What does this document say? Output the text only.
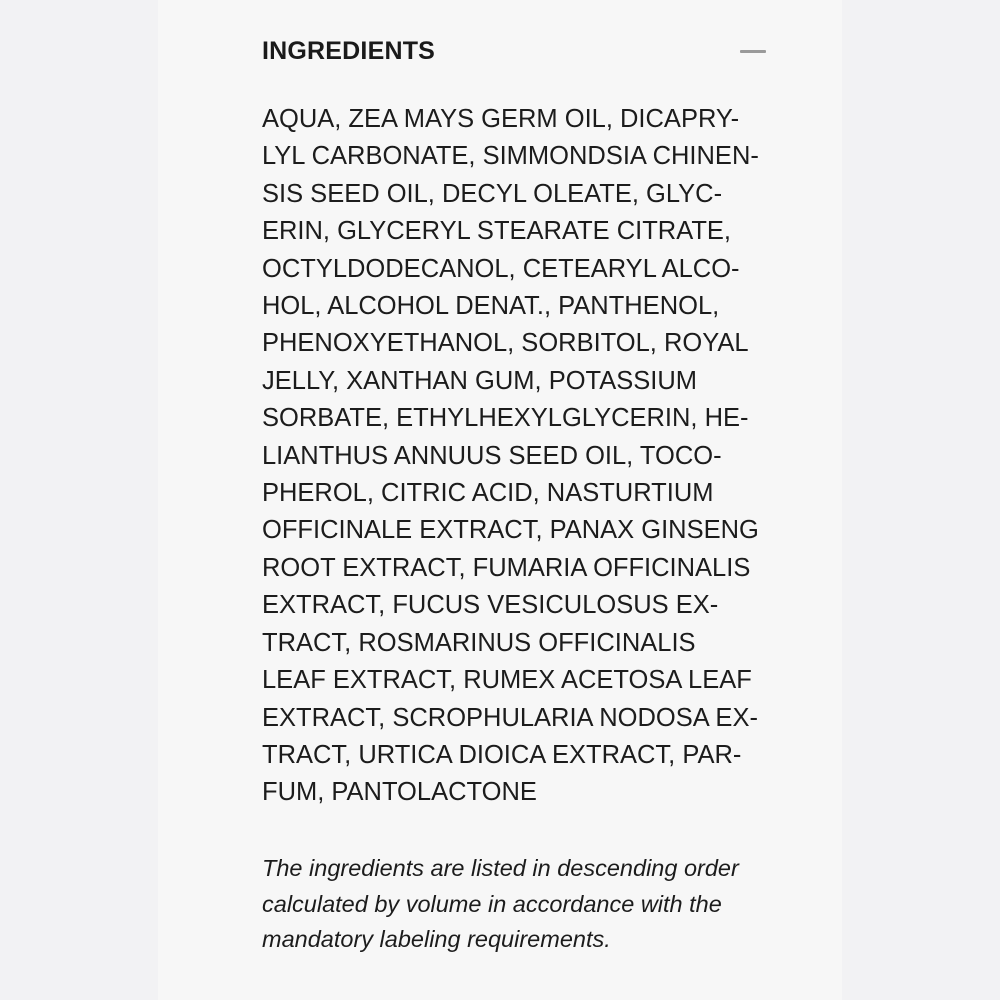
INGREDIENTS
AQUA, ZEA MAYS GERM OIL, DICAPRY-
LYL CARBONATE, SIMMONDSIA CHINEN-
SIS SEED OIL, DECYL OLEATE, GLYC-
ERIN, GLYCERYL STEARATE CITRATE,
OCTYLDODECANOL, CETEARYL ALCO-
HOL, ALCOHOL DENAT., PANTHENOL,
PHENOXYETHANOL, SORBITOL, ROYAL
JELLY, XANTHAN GUM, POTASSIUM
SORBATE, ETHYLHEXYLGLYCERIN, HE-
LIANTHUS ANNUUS SEED OIL, TOCO-
PHEROL, CITRIC ACID, NASTURTIUM
OFFICINALE EXTRACT, PANAX GINSENG
ROOT EXTRACT, FUMARIA OFFICINALIS
EXTRACT, FUCUS VESICULOSUS EX-
TRACT, ROSMARINUS OFFICINALIS
LEAF EXTRACT, RUMEX ACETOSA LEAF
EXTRACT, SCROPHULARIA NODOSA EX-
TRACT, URTICA DIOICA EXTRACT, PAR-
FUM, PANTOLACTONE
The ingredients are listed in descending order
calculated by volume in accordance with the
mandatory labeling requirements.
